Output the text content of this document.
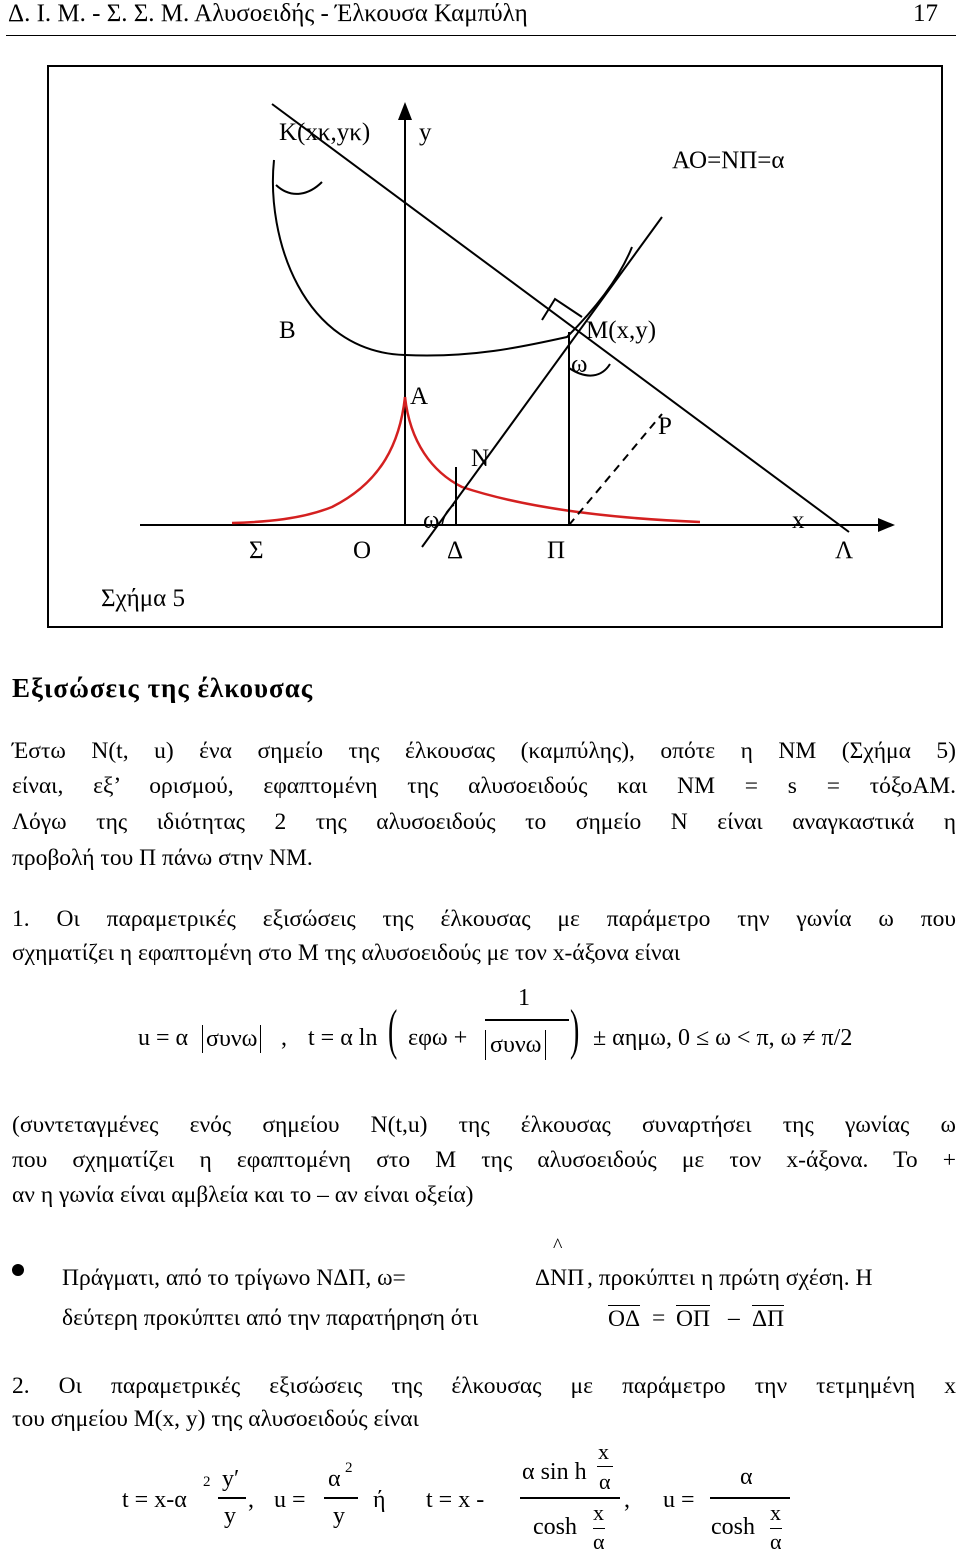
Δ. Ι. Μ. - Σ. Σ. Μ. Αλυσοειδής - Έλκουσα Καμπύλη	17
K(xκ,yκ) y
ΑΟ=ΝΠ=α
B	M(x,y)
ω
A
P
N
ω	x
Σ	O	Δ	Π	Λ
Σχήμα 5
Εξισώσεις της έλκουσας
Έστω N(t, u) ένα σημείο της έλκουσας (καμπύλης), οπότε η NM (Σχήμα 5)
είναι, εξ’ ορισμού, εφαπτομένη της αλυσοειδούς και NM = s = τόξοAM.
Λόγω της ιδιότητας 2 της αλυσοειδούς το σημείο N είναι αναγκαστικά η
προβολή του Π πάνω στην NM.
1. Οι παραμετρικές εξισώσεις της έλκουσας με παράμετρο την γωνία ω που
σχηματίζει η εφαπτομένη στο Μ της αλυσοειδούς με τον x-άξονα είναι
u = α συνω , t = α ln ( εφω +
1
συνω ) ± αημω, 0 ≤ ω < π, ω ≠ π/2
(συντεταγμένες ενός σημείου N(t,u) της έλκουσας συναρτήσει της γωνίας ω
που σχηματίζει η εφαπτομένη στο Μ της αλυσοειδούς με τον x-άξονα. Το +
αν η γωνία είναι αμβλεία και το – αν είναι οξεία)
Πράγματι, από το τρίγωνο NΔΠ, ω=
^
ΔNΠ , προκύπτει η πρώτη σχέση. Η
δεύτερη προκύπτει από την παρατήρηση ότι	OΔ = OΠ – ΔΠ
2. Οι παραμετρικές εξισώσεις της έλκουσας με παράμετρο την τετμημένη x
του σημείου M(x, y) της αλυσοειδούς είναι
t = x-α
2 y′
y
, u =
α 2
y
ή t = x -
α sin h
x
α
cosh
x
α
, u =
α
cosh
x
α
